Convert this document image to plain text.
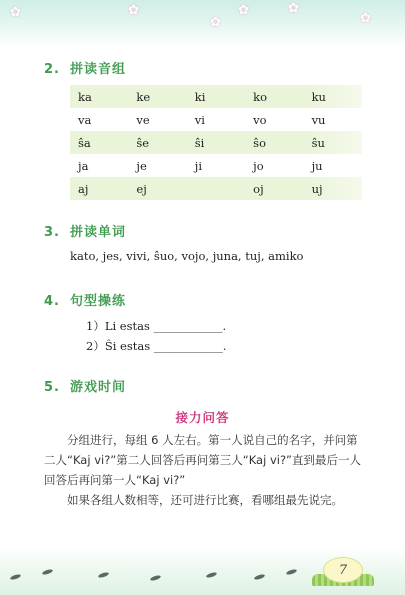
✿	✿
✿
✿	✿
✿
2. 拼读音组
ka	ke	ki	ko	ku
va	ve	vi	vo	vu
ŝa	ŝe	ŝi	ŝo	ŝu
ja	je	ji	jo	ju
aj	ej		oj	uj
3. 拼读单词
kato, jes, vivi, ŝuo, vojo, juna, tuj, amiko
4. 句型操练
1）Li estas ____________.
2）Ŝi estas ____________.
5. 游戏时间
接力问答

分组进行，每组 6 人左右。第一人说自己的名字，并问第二人“Kaj vi?”第二人回答后再问第三人“Kaj vi?”直到最后一人回答后再问第一人“Kaj vi?”

如果各组人数相等，还可进行比赛，看哪组最先说完。

7
